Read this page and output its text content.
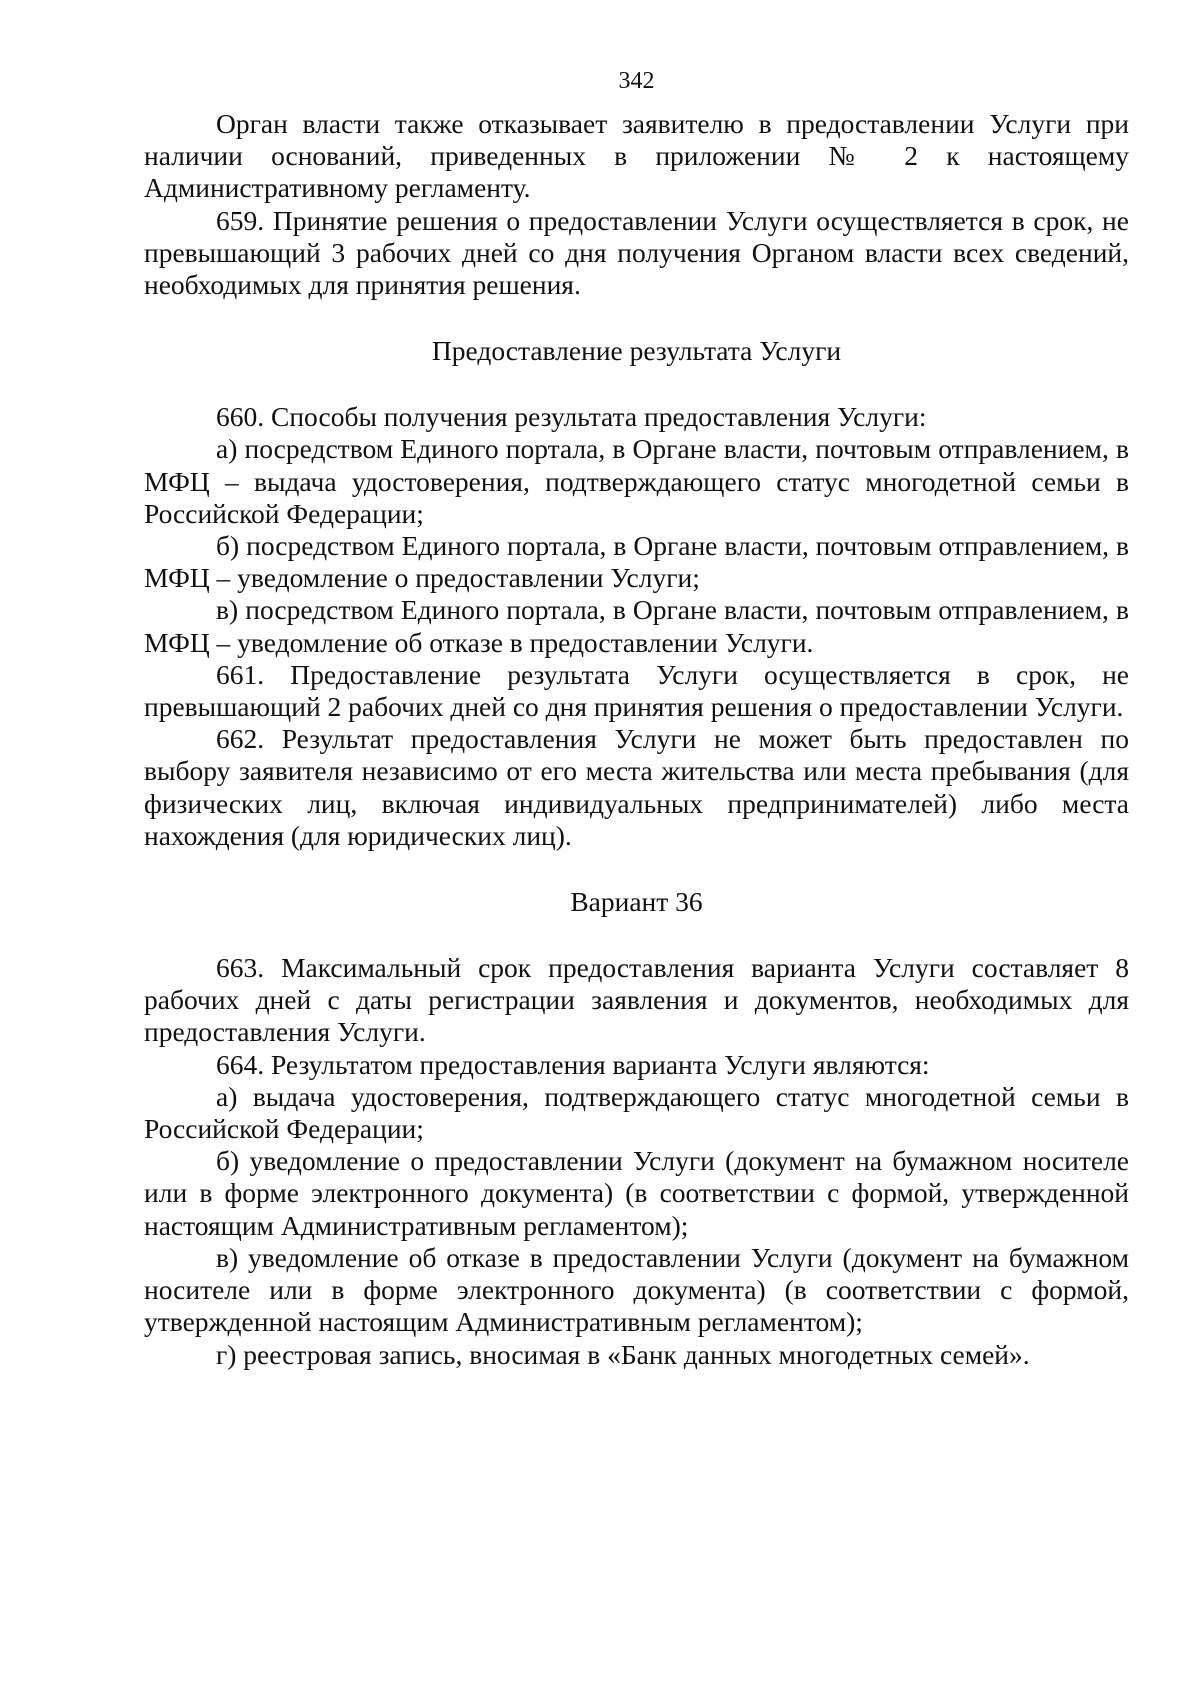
342

Орган власти также отказывает заявителю в предоставлении Услуги при наличии оснований, приведенных в приложении № 2 к настоящему Административному регламенту.

659. Принятие решения о предоставлении Услуги осуществляется в срок, не превышающий 3 рабочих дней со дня получения Органом власти всех сведений, необходимых для принятия решения.

Предоставление результата Услуги

660. Способы получения результата предоставления Услуги:

а) посредством Единого портала, в Органе власти, почтовым отправлением, в МФЦ – выдача удостоверения, подтверждающего статус многодетной семьи в Российской Федерации;

б) посредством Единого портала, в Органе власти, почтовым отправлением, в МФЦ – уведомление о предоставлении Услуги;

в) посредством Единого портала, в Органе власти, почтовым отправлением, в МФЦ – уведомление об отказе в предоставлении Услуги.

661. Предоставление результата Услуги осуществляется в срок, не превышающий 2 рабочих дней со дня принятия решения о предоставлении Услуги.

662. Результат предоставления Услуги не может быть предоставлен по выбору заявителя независимо от его места жительства или места пребывания (для физических лиц, включая индивидуальных предпринимателей) либо места нахождения (для юридических лиц).

Вариант 36

663. Максимальный срок предоставления варианта Услуги составляет 8 рабочих дней с даты регистрации заявления и документов, необходимых для предоставления Услуги.

664. Результатом предоставления варианта Услуги являются:

а) выдача удостоверения, подтверждающего статус многодетной семьи в Российской Федерации;

б) уведомление о предоставлении Услуги (документ на бумажном носителе или в форме электронного документа) (в соответствии с формой, утвержденной настоящим Административным регламентом);

в) уведомление об отказе в предоставлении Услуги (документ на бумажном носителе или в форме электронного документа) (в соответствии с формой, утвержденной настоящим Административным регламентом);

г) реестровая запись, вносимая в «Банк данных многодетных семей».
